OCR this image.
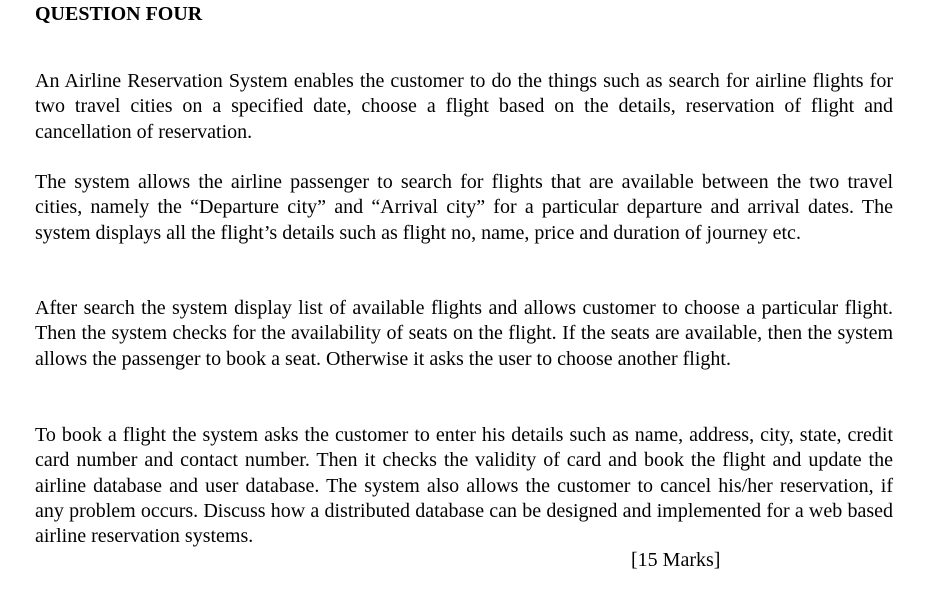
QUESTION FOUR

An Airline Reservation System enables the customer to do the things such as search for airline flights for two travel cities on a specified date, choose a flight based on the details, reservation of flight and cancellation of reservation.

The system allows the airline passenger to search for flights that are available between the two travel cities, namely the “Departure city” and “Arrival city” for a particular departure and arrival dates. The system displays all the flight’s details such as flight no, name, price and duration of journey etc.

After search the system display list of available flights and allows customer to choose a particular flight. Then the system checks for the availability of seats on the flight. If the seats are available, then the system allows the passenger to book a seat. Otherwise it asks the user to choose another flight.

To book a flight the system asks the customer to enter his details such as name, address, city, state, credit card number and contact number. Then it checks the validity of card and book the flight and update the airline database and user database. The system also allows the customer to cancel his/her reservation, if any problem occurs. Discuss how a distributed database can be designed and implemented for a web based airline reservation systems.

[15 Marks]
